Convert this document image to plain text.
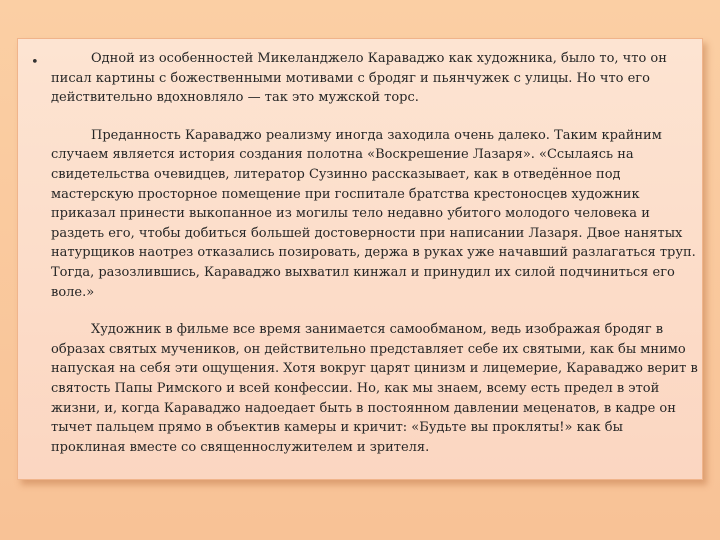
•	Одной из особенностей Микеланджело Караваджо как художника, было то, что он писал картины с божественными мотивами с бродяг и пьянчужек с улицы. Но что его действительно вдохновляло — так это мужской торс.

Преданность Караваджо реализму иногда заходила очень далеко. Таким крайним случаем является история создания полотна «Воскрешение Лазаря». «Ссылаясь на свидетельства очевидцев, литератор Сузинно рассказывает, как в отведённое под мастерскую просторное помещение при госпитале братства крестоносцев художник приказал принести выкопанное из могилы тело недавно убитого молодого человека и раздеть его, чтобы добиться большей достоверности при написании Лазаря. Двое нанятых натурщиков наотрез отказались позировать, держа в руках уже начавший разлагаться труп. Тогда, разозлившись, Караваджо выхватил кинжал и принудил их силой подчиниться его воле.»

Художник в фильме все время занимается самообманом, ведь изображая бродяг в образах святых мучеников, он действительно представляет себе их святыми, как бы мнимо напуская на себя эти ощущения. Хотя вокруг царят цинизм и лицемерие, Караваджо верит в святость Папы Римского и всей конфессии. Но, как мы знаем, всему есть предел в этой жизни, и, когда Караваджо надоедает быть в постоянном давлении меценатов, в кадре он тычет пальцем прямо в объектив камеры и кричит: «Будьте вы прокляты!» как бы проклиная вместе со священнослужителем и зрителя.
